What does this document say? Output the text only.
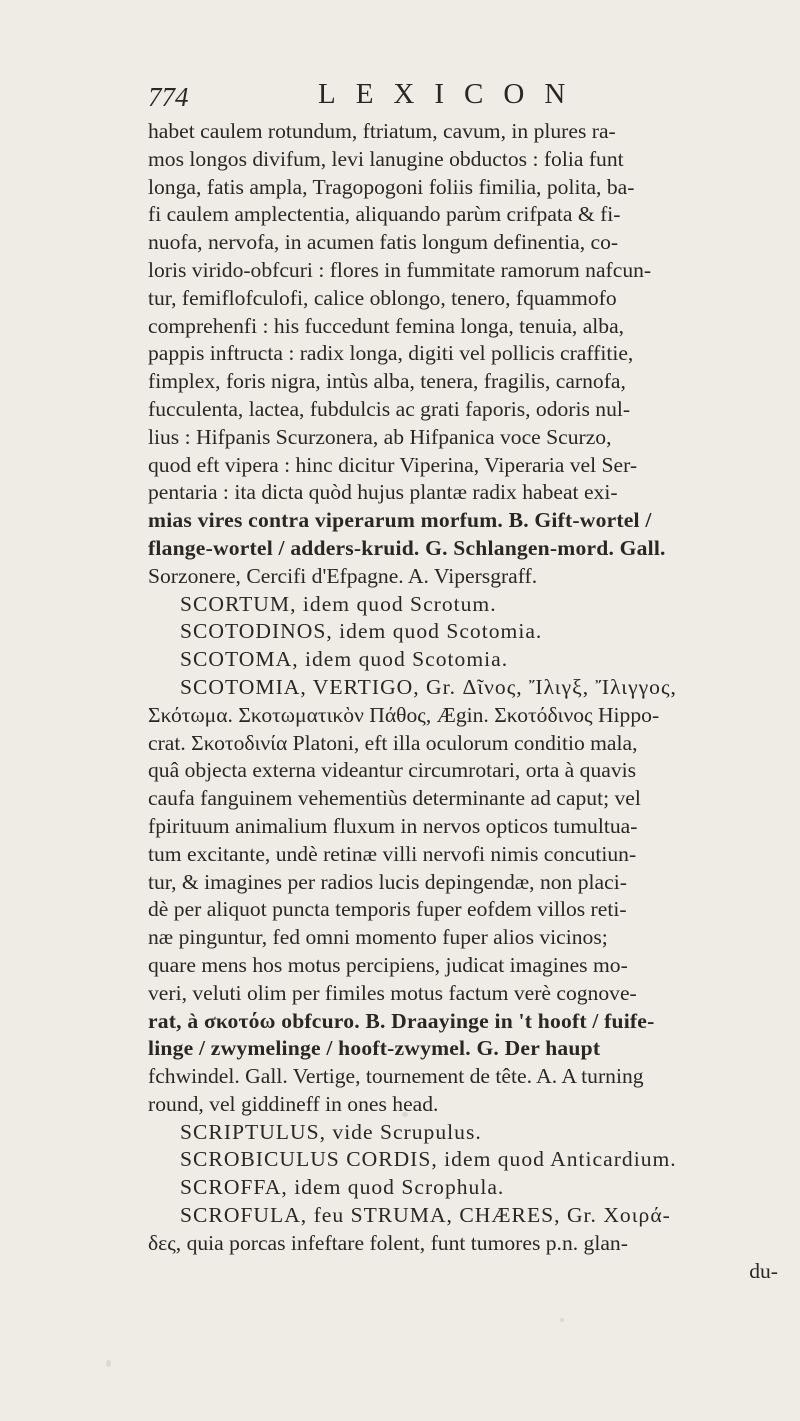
774	LEXICON
habet caulem rotundum, ftriatum, cavum, in plures ra-
mos longos divifum, levi lanugine obductos : folia funt
longa, fatis ampla, Tragopogoni foliis fimilia, polita, ba-
fi caulem amplectentia, aliquando parùm crifpata & fi-
nuofa, nervofa, in acumen fatis longum definentia, co-
loris virido-obfcuri : flores in fummitate ramorum nafcun-
tur, femiflofculofi, calice oblongo, tenero, fquammofo
comprehenfi : his fuccedunt femina longa, tenuia, alba,
pappis inftructa : radix longa, digiti vel pollicis craffitie,
fimplex, foris nigra, intùs alba, tenera, fragilis, carnofa,
fucculenta, lactea, fubdulcis ac grati faporis, odoris nul-
lius : Hifpanis Scurzonera, ab Hifpanica voce Scurzo,
quod eft vipera : hinc dicitur Viperina, Viperaria vel Ser-
pentaria : ita dicta quòd hujus plantæ radix habeat exi-
mias vires contra viperarum morfum. B. Gift-wortel /
flange-wortel / adders-kruid. G. Schlangen-mord. Gall.
Sorzonere, Cercifi d'Efpagne. A. Vipersgraff.
SCORTUM, idem quod Scrotum.
SCOTODINOS, idem quod Scotomia.
SCOTOMA, idem quod Scotomia.
SCOTOMIA, VERTIGO, Gr. Δῖνος, Ἴλιγξ, Ἴλιγγος,
Σκότωμα. Σκοτωματικὸν Πάθος, Ægin. Σκοτόδινος Hippo-
crat. Σκοτοδινία Platoni, eft illa oculorum conditio mala,
quâ objecta externa videantur circumrotari, orta à quavis
caufa fanguinem vehementiùs determinante ad caput; vel
fpirituum animalium fluxum in nervos opticos tumultua-
tum excitante, undè retinæ villi nervofi nimis concutiun-
tur, & imagines per radios lucis depingendæ, non placi-
dè per aliquot puncta temporis fuper eofdem villos reti-
næ pinguntur, fed omni momento fuper alios vicinos;
quare mens hos motus percipiens, judicat imagines mo-
veri, veluti olim per fimiles motus factum verè cognove-
rat, à σκοτόω obfcuro. B. Draayinge in 't hooft / fuife-
linge / zwymelinge / hooft-zwymel. G. Der haupt
fchwindel. Gall. Vertige, tournement de tête. A. A turning
round, vel giddineff in ones head.
SCRIPTULUS, vide Scrupulus.
SCROBICULUS CORDIS, idem quod Anticardium.
SCROFFA, idem quod Scrophula.
SCROFULA, feu STRUMA, CHÆRES, Gr. Χοιρά-
δες, quia porcas infeftare folent, funt tumores p.n. glan-
du-
